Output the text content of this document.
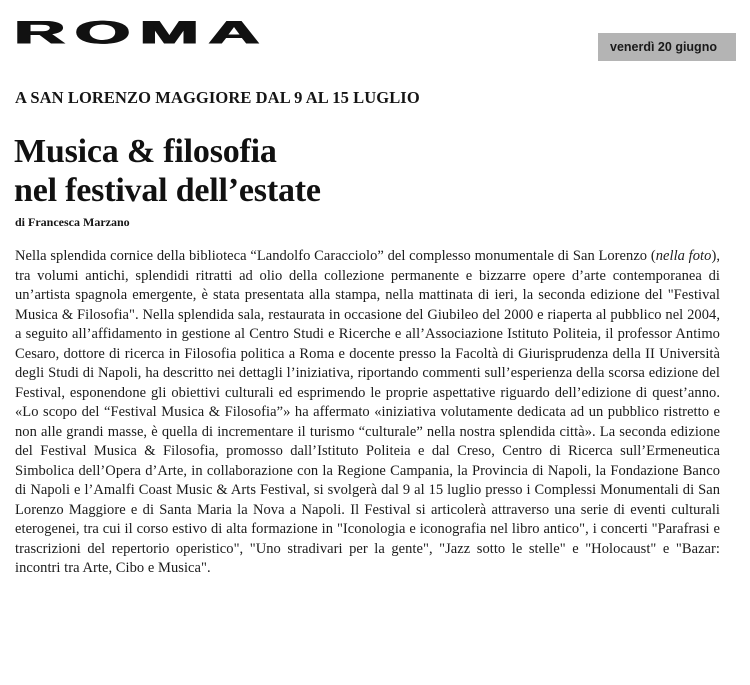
ROMA	venerdì 20 giugno
A SAN LORENZO MAGGIORE DAL 9 AL 15 LUGLIO
Musica & filosofia
nel festival dell’estate

di Francesca Marzano

Nella splendida cornice della biblioteca “Landolfo Caracciolo” del complesso monumentale di San Lorenzo (nella foto), tra volumi antichi, splendidi ritratti ad olio della collezione permanente e bizzarre opere d’arte contemporanea di un’artista spagnola emergente, è stata presentata alla stampa, nella mattinata di ieri, la seconda edizione del "Festival Musica & Filosofia". Nella splendida sala, restaurata in occasione del Giubileo del 2000 e riaperta al pubblico nel 2004, a seguito all’affidamento in gestione al Centro Studi e Ricerche e all’Associazione Istituto Politeia, il professor Antimo Cesaro, dottore di ricerca in Filosofia politica a Roma e docente presso la Facoltà di Giurisprudenza della II Università degli Studi di Napoli, ha descritto nei dettagli l’iniziativa, riportando commenti sull’esperienza della scorsa edizione del Festival, esponendone gli obiettivi culturali ed esprimendo le proprie aspettative riguardo dell’edizione di quest’anno. «Lo scopo del “Festival Musica & Filosofia”» ha affermato «iniziativa volutamente dedicata ad un pubblico ristretto e non alle grandi masse, è quella di incrementare il turismo “culturale” nella nostra splendida città». La seconda edizione del Festival Musica & Filosofia, promosso dall’Istituto Politeia e dal Creso, Centro di Ricerca sull’Ermeneutica Simbolica dell’Opera d’Arte, in collaborazione con la Regione Campania, la Provincia di Napoli, la Fondazione Banco di Napoli e l’Amalfi Coast Music & Arts Festival, si svolgerà dal 9 al 15 luglio presso i Complessi Monumentali di San Lorenzo Maggiore e di Santa Maria la Nova a Napoli. Il Festival si articolerà attraverso una serie di eventi culturali eterogenei, tra cui il corso estivo di alta formazione in "Iconologia e iconografia nel libro antico", i concerti "Parafrasi e trascrizioni del repertorio operistico", "Uno stradivari per la gente", "Jazz sotto le stelle" e "Holocaust" e "Bazar: incontri tra Arte, Cibo e Musica".
